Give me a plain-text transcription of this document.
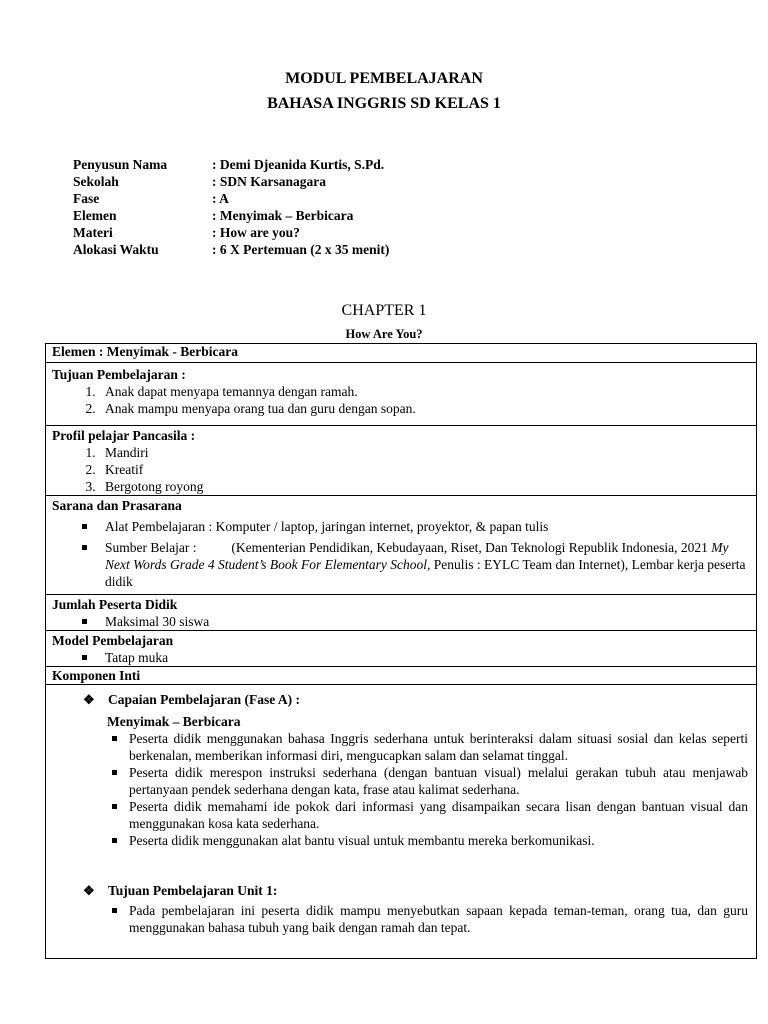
MODUL PEMBELAJARAN
BAHASA INGGRIS SD KELAS 1
Penyusun Nama	: Demi Djeanida Kurtis, S.Pd.
Sekolah	: SDN Karsanagara
Fase	: A
Elemen	: Menyimak – Berbicara
Materi	: How are you?
Alokasi Waktu	: 6 X Pertemuan (2 x 35 menit)
CHAPTER 1
How Are You?
Elemen : Menyimak - Berbicara

Tujuan Pembelajaran :
1. Anak dapat menyapa temannya dengan ramah.
2. Anak mampu menyapa orang tua dan guru dengan sopan.

Profil pelajar Pancasila :
1. Mandiri
2. Kreatif
3. Bergotong royong

Sarana dan Prasarana
Alat Pembelajaran : Komputer / laptop, jaringan internet, proyektor, & papan tulis
Sumber Belajar : (Kementerian Pendidikan, Kebudayaan, Riset, Dan Teknologi Republik Indonesia, 2021 My Next Words Grade 4 Student’s Book For Elementary School, Penulis : EYLC Team dan Internet), Lembar kerja peserta didik

Jumlah Peserta Didik
Maksimal 30 siswa

Model Pembelajaran
Tatap muka

Komponen Inti

❖ Capaian Pembelajaran (Fase A) :
Menyimak – Berbicara
Peserta didik menggunakan bahasa Inggris sederhana untuk berinteraksi dalam situasi sosial dan kelas seperti berkenalan, memberikan informasi diri, mengucapkan salam dan selamat tinggal.
Peserta didik merespon instruksi sederhana (dengan bantuan visual) melalui gerakan tubuh atau menjawab pertanyaan pendek sederhana dengan kata, frase atau kalimat sederhana.
Peserta didik memahami ide pokok dari informasi yang disampaikan secara lisan dengan bantuan visual dan menggunakan kosa kata sederhana.
Peserta didik menggunakan alat bantu visual untuk membantu mereka berkomunikasi.
❖ Tujuan Pembelajaran Unit 1:
Pada pembelajaran ini peserta didik mampu menyebutkan sapaan kepada teman-teman, orang tua, dan guru menggunakan bahasa tubuh yang baik dengan ramah dan tepat.
